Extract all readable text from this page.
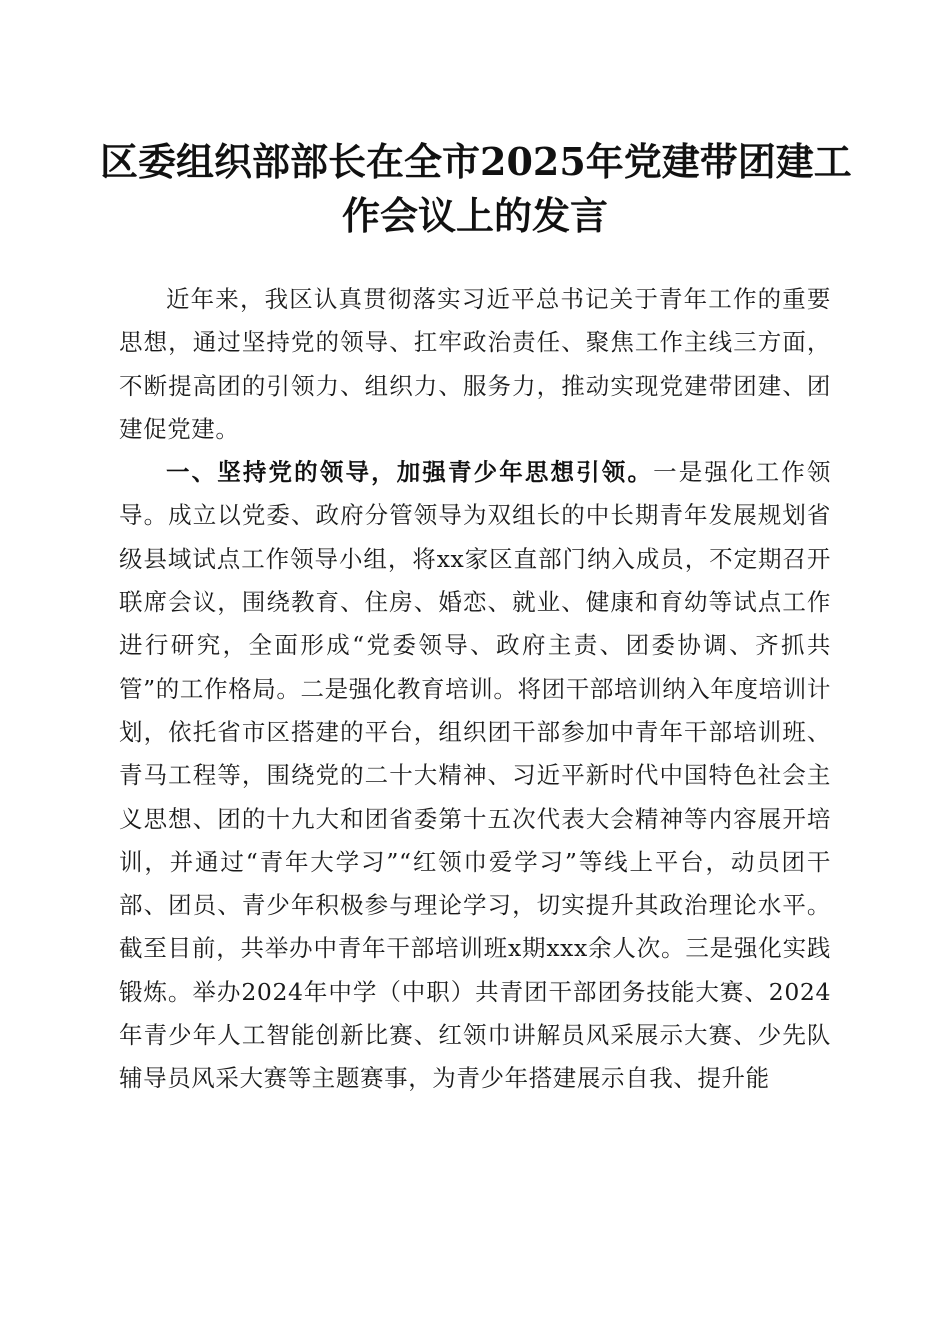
区委组织部部长在全市2025年党建带团建工
作会议上的发言

近年来，我区认真贯彻落实习近平总书记关于青年工作的重要思想，通过坚持党的领导、扛牢政治责任、聚焦工作主线三方面，不断提高团的引领力、组织力、服务力，推动实现党建带团建、团建促党建。

一、坚持党的领导，加强青少年思想引领。一是强化工作领导。成立以党委、政府分管领导为双组长的中长期青年发展规划省级县域试点工作领导小组，将xx家区直部门纳入成员，不定期召开联席会议，围绕教育、住房、婚恋、就业、健康和育幼等试点工作进行研究，全面形成“党委领导、政府主责、团委协调、齐抓共管”的工作格局。二是强化教育培训。将团干部培训纳入年度培训计划，依托省市区搭建的平台，组织团干部参加中青年干部培训班、青马工程等，围绕党的二十大精神、习近平新时代中国特色社会主义思想、团的十九大和团省委第十五次代表大会精神等内容展开培训，并通过“青年大学习”“红领巾爱学习”等线上平台，动员团干部、团员、青少年积极参与理论学习，切实提升其政治理论水平。截至目前，共举办中青年干部培训班x期xxx余人次。三是强化实践锻炼。举办2024年中学（中职）共青团干部团务技能大赛、2024年青少年人工智能创新比赛、红领巾讲解员风采展示大赛、少先队辅导员风采大赛等主题赛事，为青少年搭建展示自我、提升能
